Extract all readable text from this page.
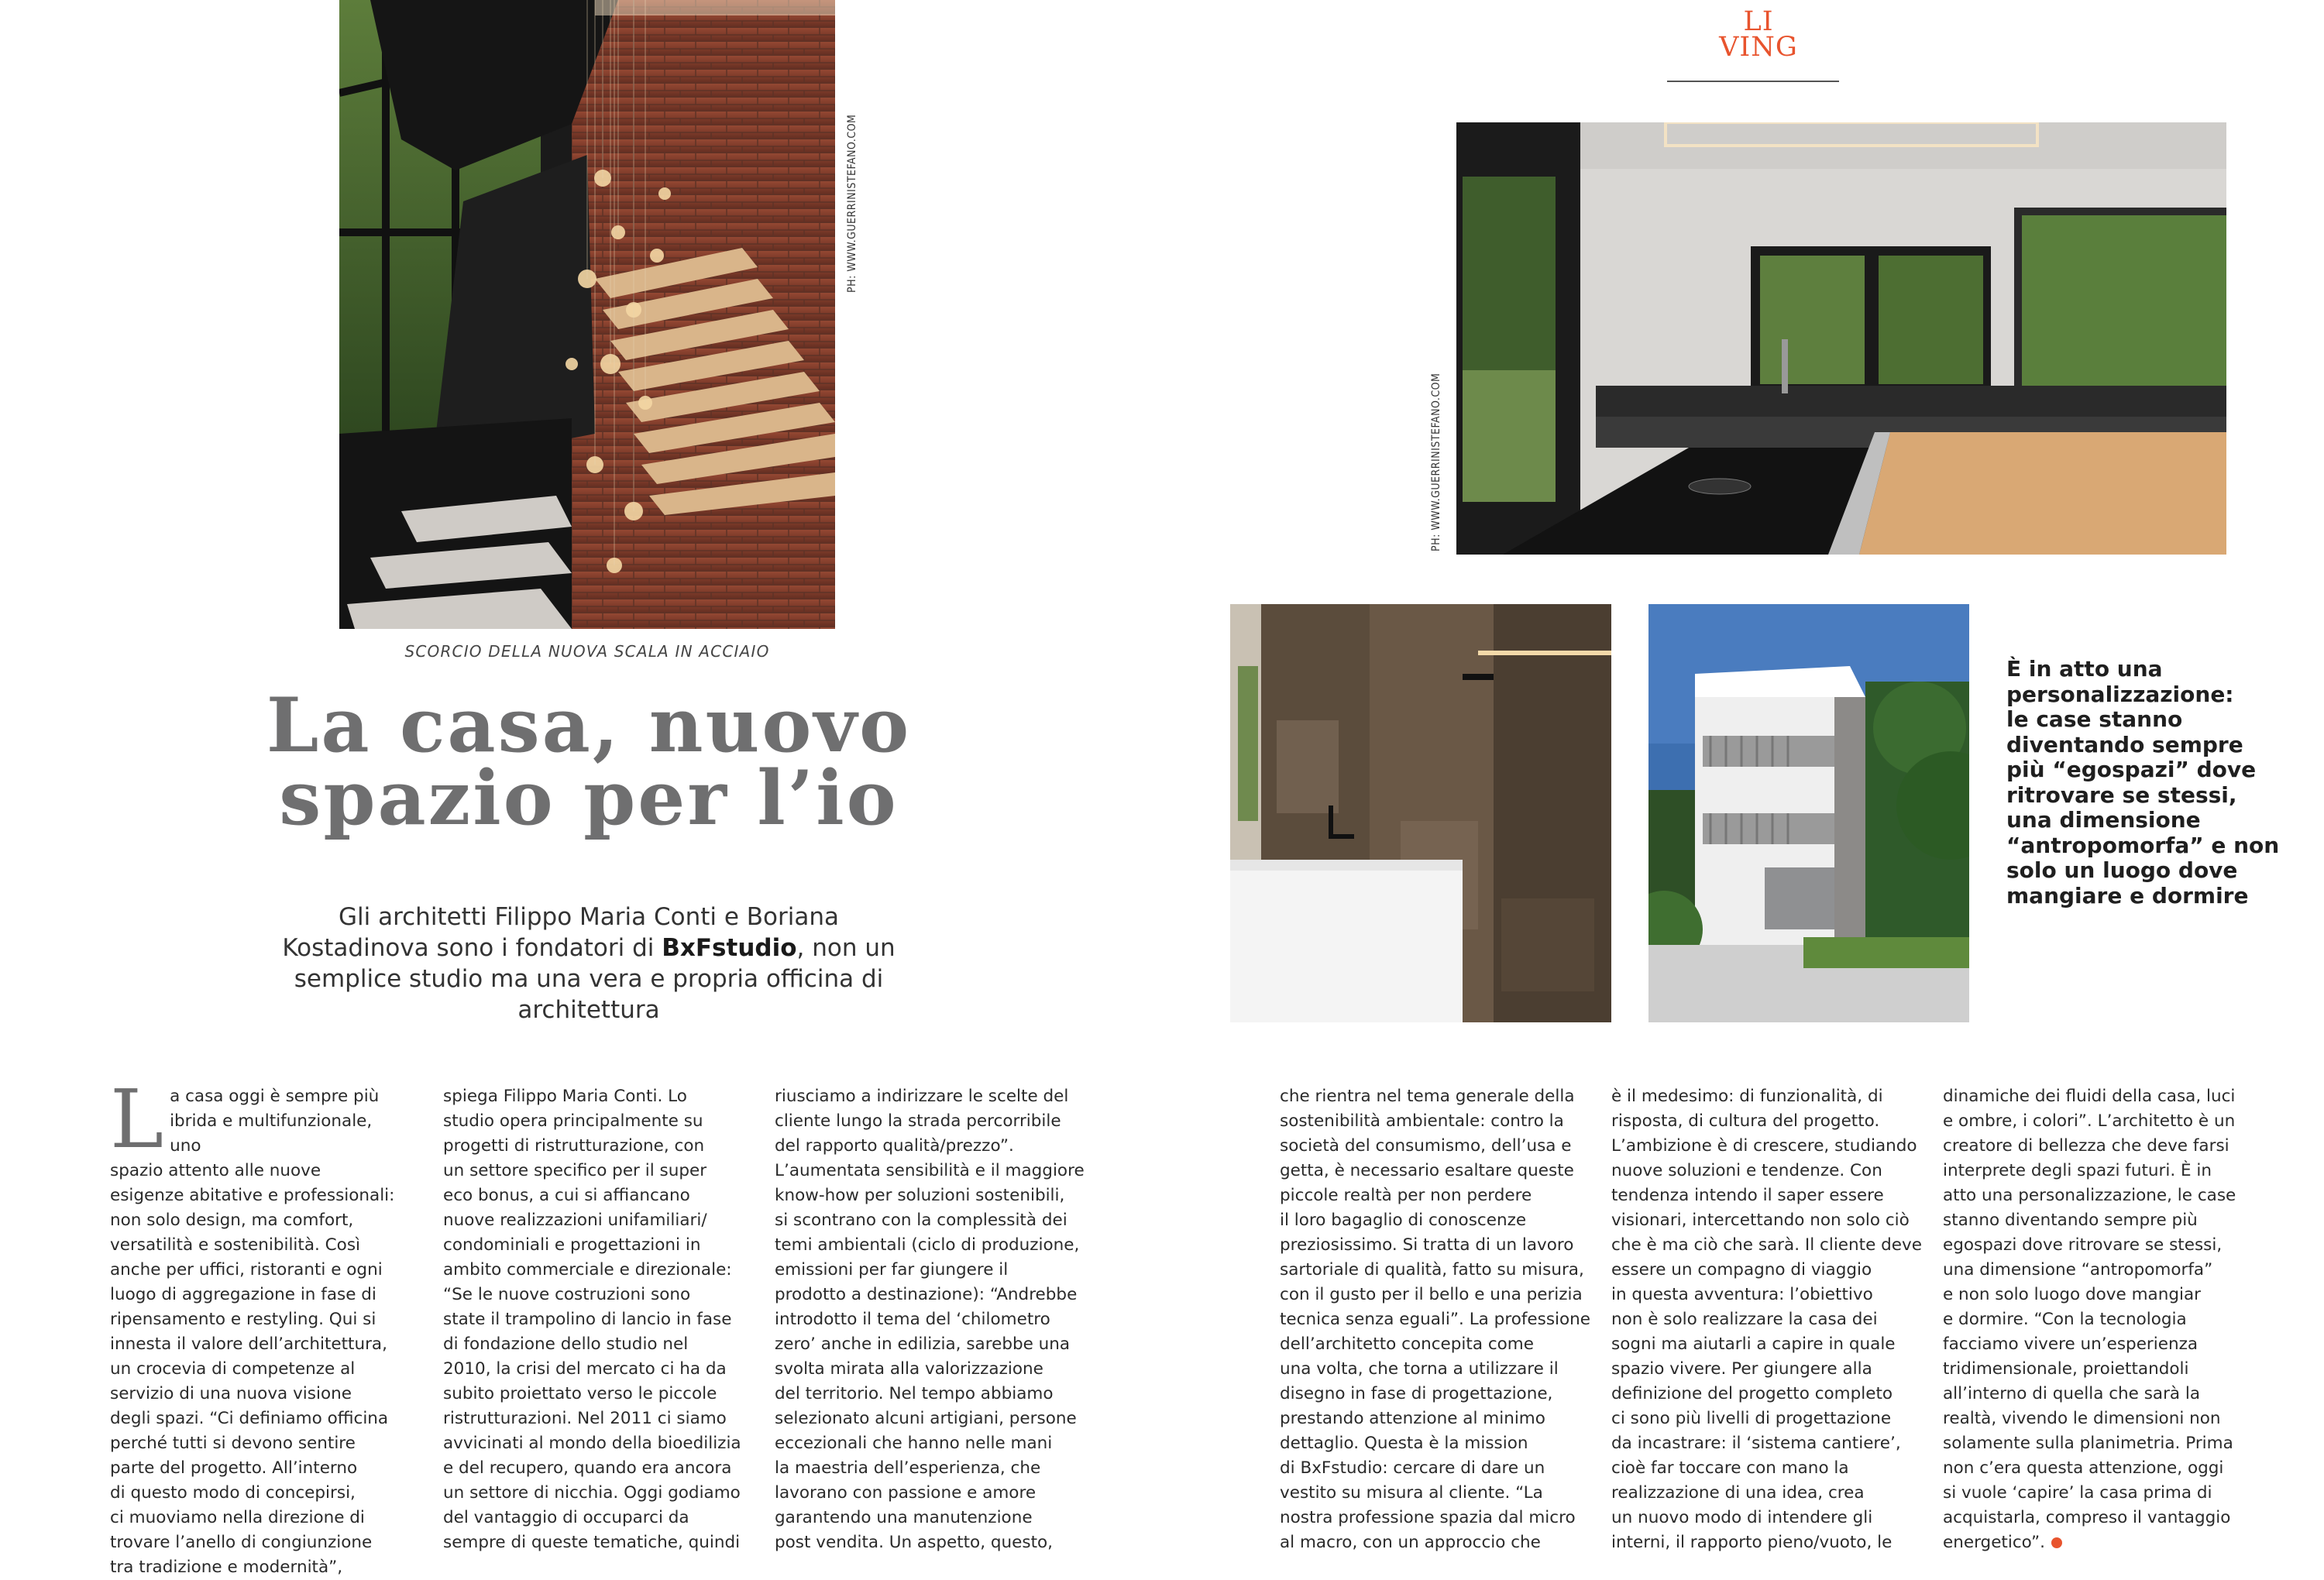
PH: WWW.GUERRINISTEFANO.COM
SCORCIO DELLA NUOVA SCALA IN ACCIAIO
La casa, nuovo
spazio per l’io
Gli architetti Filippo Maria Conti e Boriana Kostadinova sono i fondatori di BxFstudio, non un semplice studio ma una vera e propria officina di architettura
La casa oggi è sempre più
ibrida e multifunzionale, uno
spazio attento alle nuove
esigenze abitative e professionali:
non solo design, ma comfort,
versatilità e sostenibilità. Così
anche per uffici, ristoranti e ogni
luogo di aggregazione in fase di
ripensamento e restyling. Qui si
innesta il valore dell’architettura,
un crocevia di competenze al
servizio di una nuova visione
degli spazi. “Ci definiamo officina
perché tutti si devono sentire
parte del progetto. All’interno
di questo modo di concepirsi,
ci muoviamo nella direzione di
trovare l’anello di congiunzione
tra tradizione e modernità”,
spiega Filippo Maria Conti. Lo
studio opera principalmente su
progetti di ristrutturazione, con
un settore specifico per il super
eco bonus, a cui si affiancano
nuove realizzazioni unifamiliari/
condominiali e progettazioni in
ambito commerciale e direzionale:
“Se le nuove costruzioni sono
state il trampolino di lancio in fase
di fondazione dello studio nel
2010, la crisi del mercato ci ha da
subito proiettato verso le piccole
ristrutturazioni. Nel 2011 ci siamo
avvicinati al mondo della bioedilizia
e del recupero, quando era ancora
un settore di nicchia. Oggi godiamo
del vantaggio di occuparci da
sempre di queste tematiche, quindi
riusciamo a indirizzare le scelte del
cliente lungo la strada percorribile
del rapporto qualità/prezzo”.
L’aumentata sensibilità e il maggiore
know-how per soluzioni sostenibili,
si scontrano con la complessità dei
temi ambientali (ciclo di produzione,
emissioni per far giungere il
prodotto a destinazione): “Andrebbe
introdotto il tema del ‘chilometro
zero’ anche in edilizia, sarebbe una
svolta mirata alla valorizzazione
del territorio. Nel tempo abbiamo
selezionato alcuni artigiani, persone
eccezionali che hanno nelle mani
la maestria dell’esperienza, che
lavorano con passione e amore
garantendo una manutenzione
post vendita. Un aspetto, questo,
LI
VING
PH: WWW.GUERRINISTEFANO.COM
È in atto una
personalizzazione:
le case stanno
diventando sempre
più “egospazi” dove
ritrovare se stessi,
una dimensione
“antropomorfa” e non
solo un luogo dove
mangiare e dormire
che rientra nel tema generale della
sostenibilità ambientale: contro la
società del consumismo, dell’usa e
getta, è necessario esaltare queste
piccole realtà per non perdere
il loro bagaglio di conoscenze
preziosissimo. Si tratta di un lavoro
sartoriale di qualità, fatto su misura,
con il gusto per il bello e una perizia
tecnica senza eguali”. La professione
dell’architetto concepita come
una volta, che torna a utilizzare il
disegno in fase di progettazione,
prestando attenzione al minimo
dettaglio. Questa è la mission
di BxFstudio: cercare di dare un
vestito su misura al cliente. “La
nostra professione spazia dal micro
al macro, con un approccio che
è il medesimo: di funzionalità, di
risposta, di cultura del progetto.
L’ambizione è di crescere, studiando
nuove soluzioni e tendenze. Con
tendenza intendo il saper essere
visionari, intercettando non solo ciò
che è ma ciò che sarà. Il cliente deve
essere un compagno di viaggio
in questa avventura: l’obiettivo
non è solo realizzare la casa dei
sogni ma aiutarli a capire in quale
spazio vivere. Per giungere alla
definizione del progetto completo
ci sono più livelli di progettazione
da incastrare: il ‘sistema cantiere’,
cioè far toccare con mano la
realizzazione di una idea, crea
un nuovo modo di intendere gli
interni, il rapporto pieno/vuoto, le
dinamiche dei fluidi della casa, luci
e ombre, i colori”. L’architetto è un
creatore di bellezza che deve farsi
interprete degli spazi futuri. È in
atto una personalizzazione, le case
stanno diventando sempre più
egospazi dove ritrovare se stessi,
una dimensione “antropomorfa”
e non solo luogo dove mangiar
e dormire. “Con la tecnologia
facciamo vivere un’esperienza
tridimensionale, proiettandoli
all’interno di quella che sarà la
realtà, vivendo le dimensioni non
solamente sulla planimetria. Prima
non c’era questa attenzione, oggi
si vuole ‘capire’ la casa prima di
acquistarla, compreso il vantaggio
energetico”.
